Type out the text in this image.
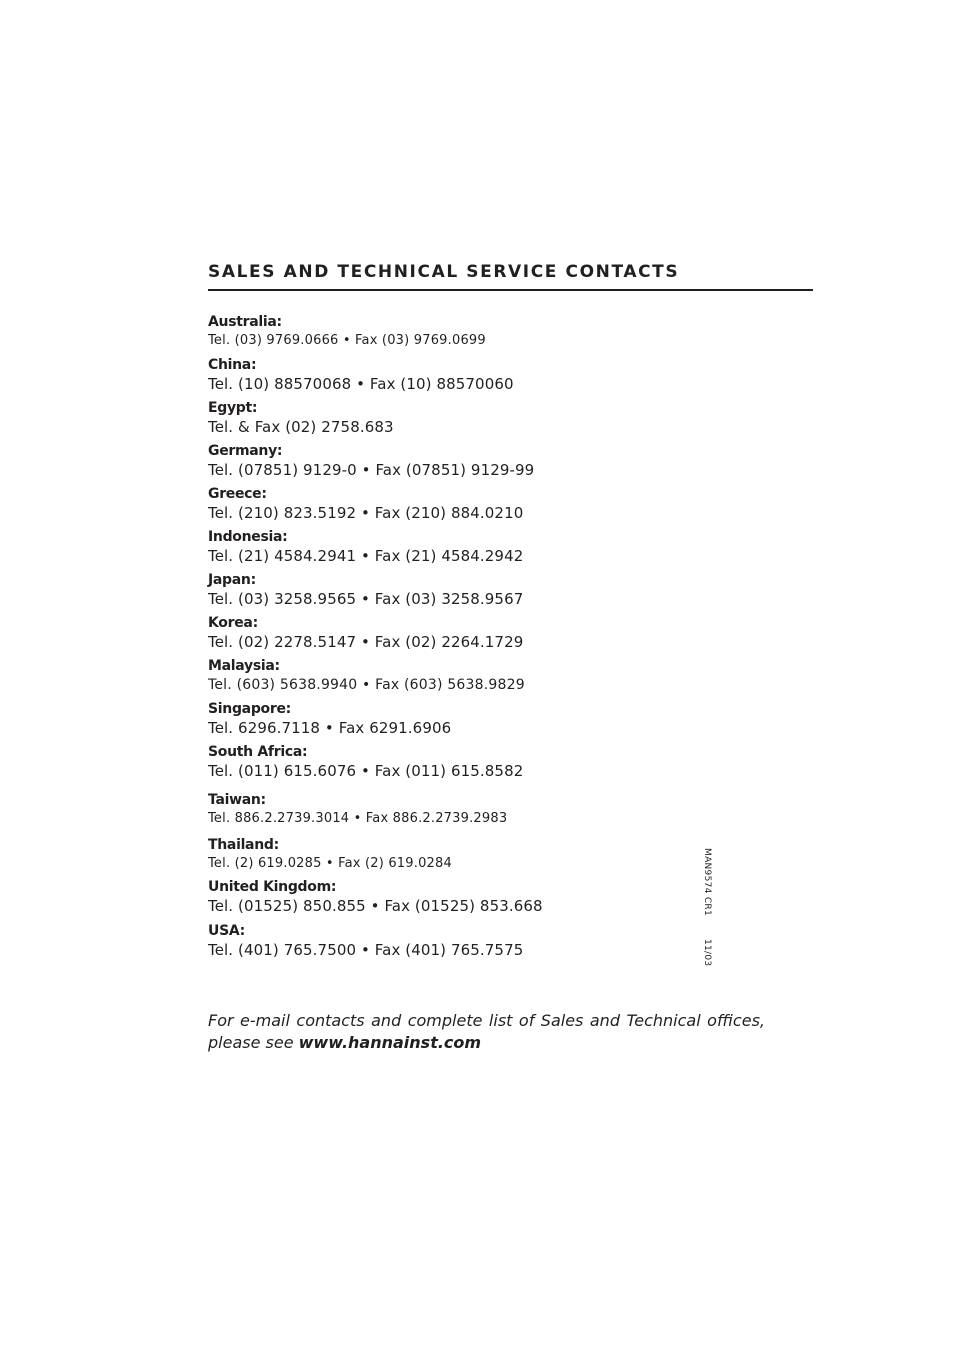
SALES AND TECHNICAL SERVICE CONTACTS
Australia:
Tel. (03) 9769.0666 • Fax (03) 9769.0699
China:
Tel. (10) 88570068 • Fax (10) 88570060
Egypt:
Tel. & Fax (02) 2758.683
Germany:
Tel. (07851) 9129-0 • Fax (07851) 9129-99
Greece:
Tel. (210) 823.5192 • Fax (210) 884.0210
Indonesia:
Tel. (21) 4584.2941 • Fax (21) 4584.2942
Japan:
Tel. (03) 3258.9565 • Fax (03) 3258.9567
Korea:
Tel. (02) 2278.5147 • Fax (02) 2264.1729
Malaysia:
Tel. (603) 5638.9940 • Fax (603) 5638.9829
Singapore:
Tel. 6296.7118 • Fax 6291.6906
South Africa:
Tel. (011) 615.6076 • Fax (011) 615.8582
Taiwan:
Tel. 886.2.2739.3014 • Fax 886.2.2739.2983
Thailand:
Tel. (2) 619.0285 • Fax (2) 619.0284
United Kingdom:
Tel. (01525) 850.855 • Fax (01525) 853.668
USA:
Tel. (401) 765.7500 • Fax (401) 765.7575
MAN9574 CR1 11/03

For e-mail contacts and complete list of Sales and Technical offices, please see www.hannainst.com
